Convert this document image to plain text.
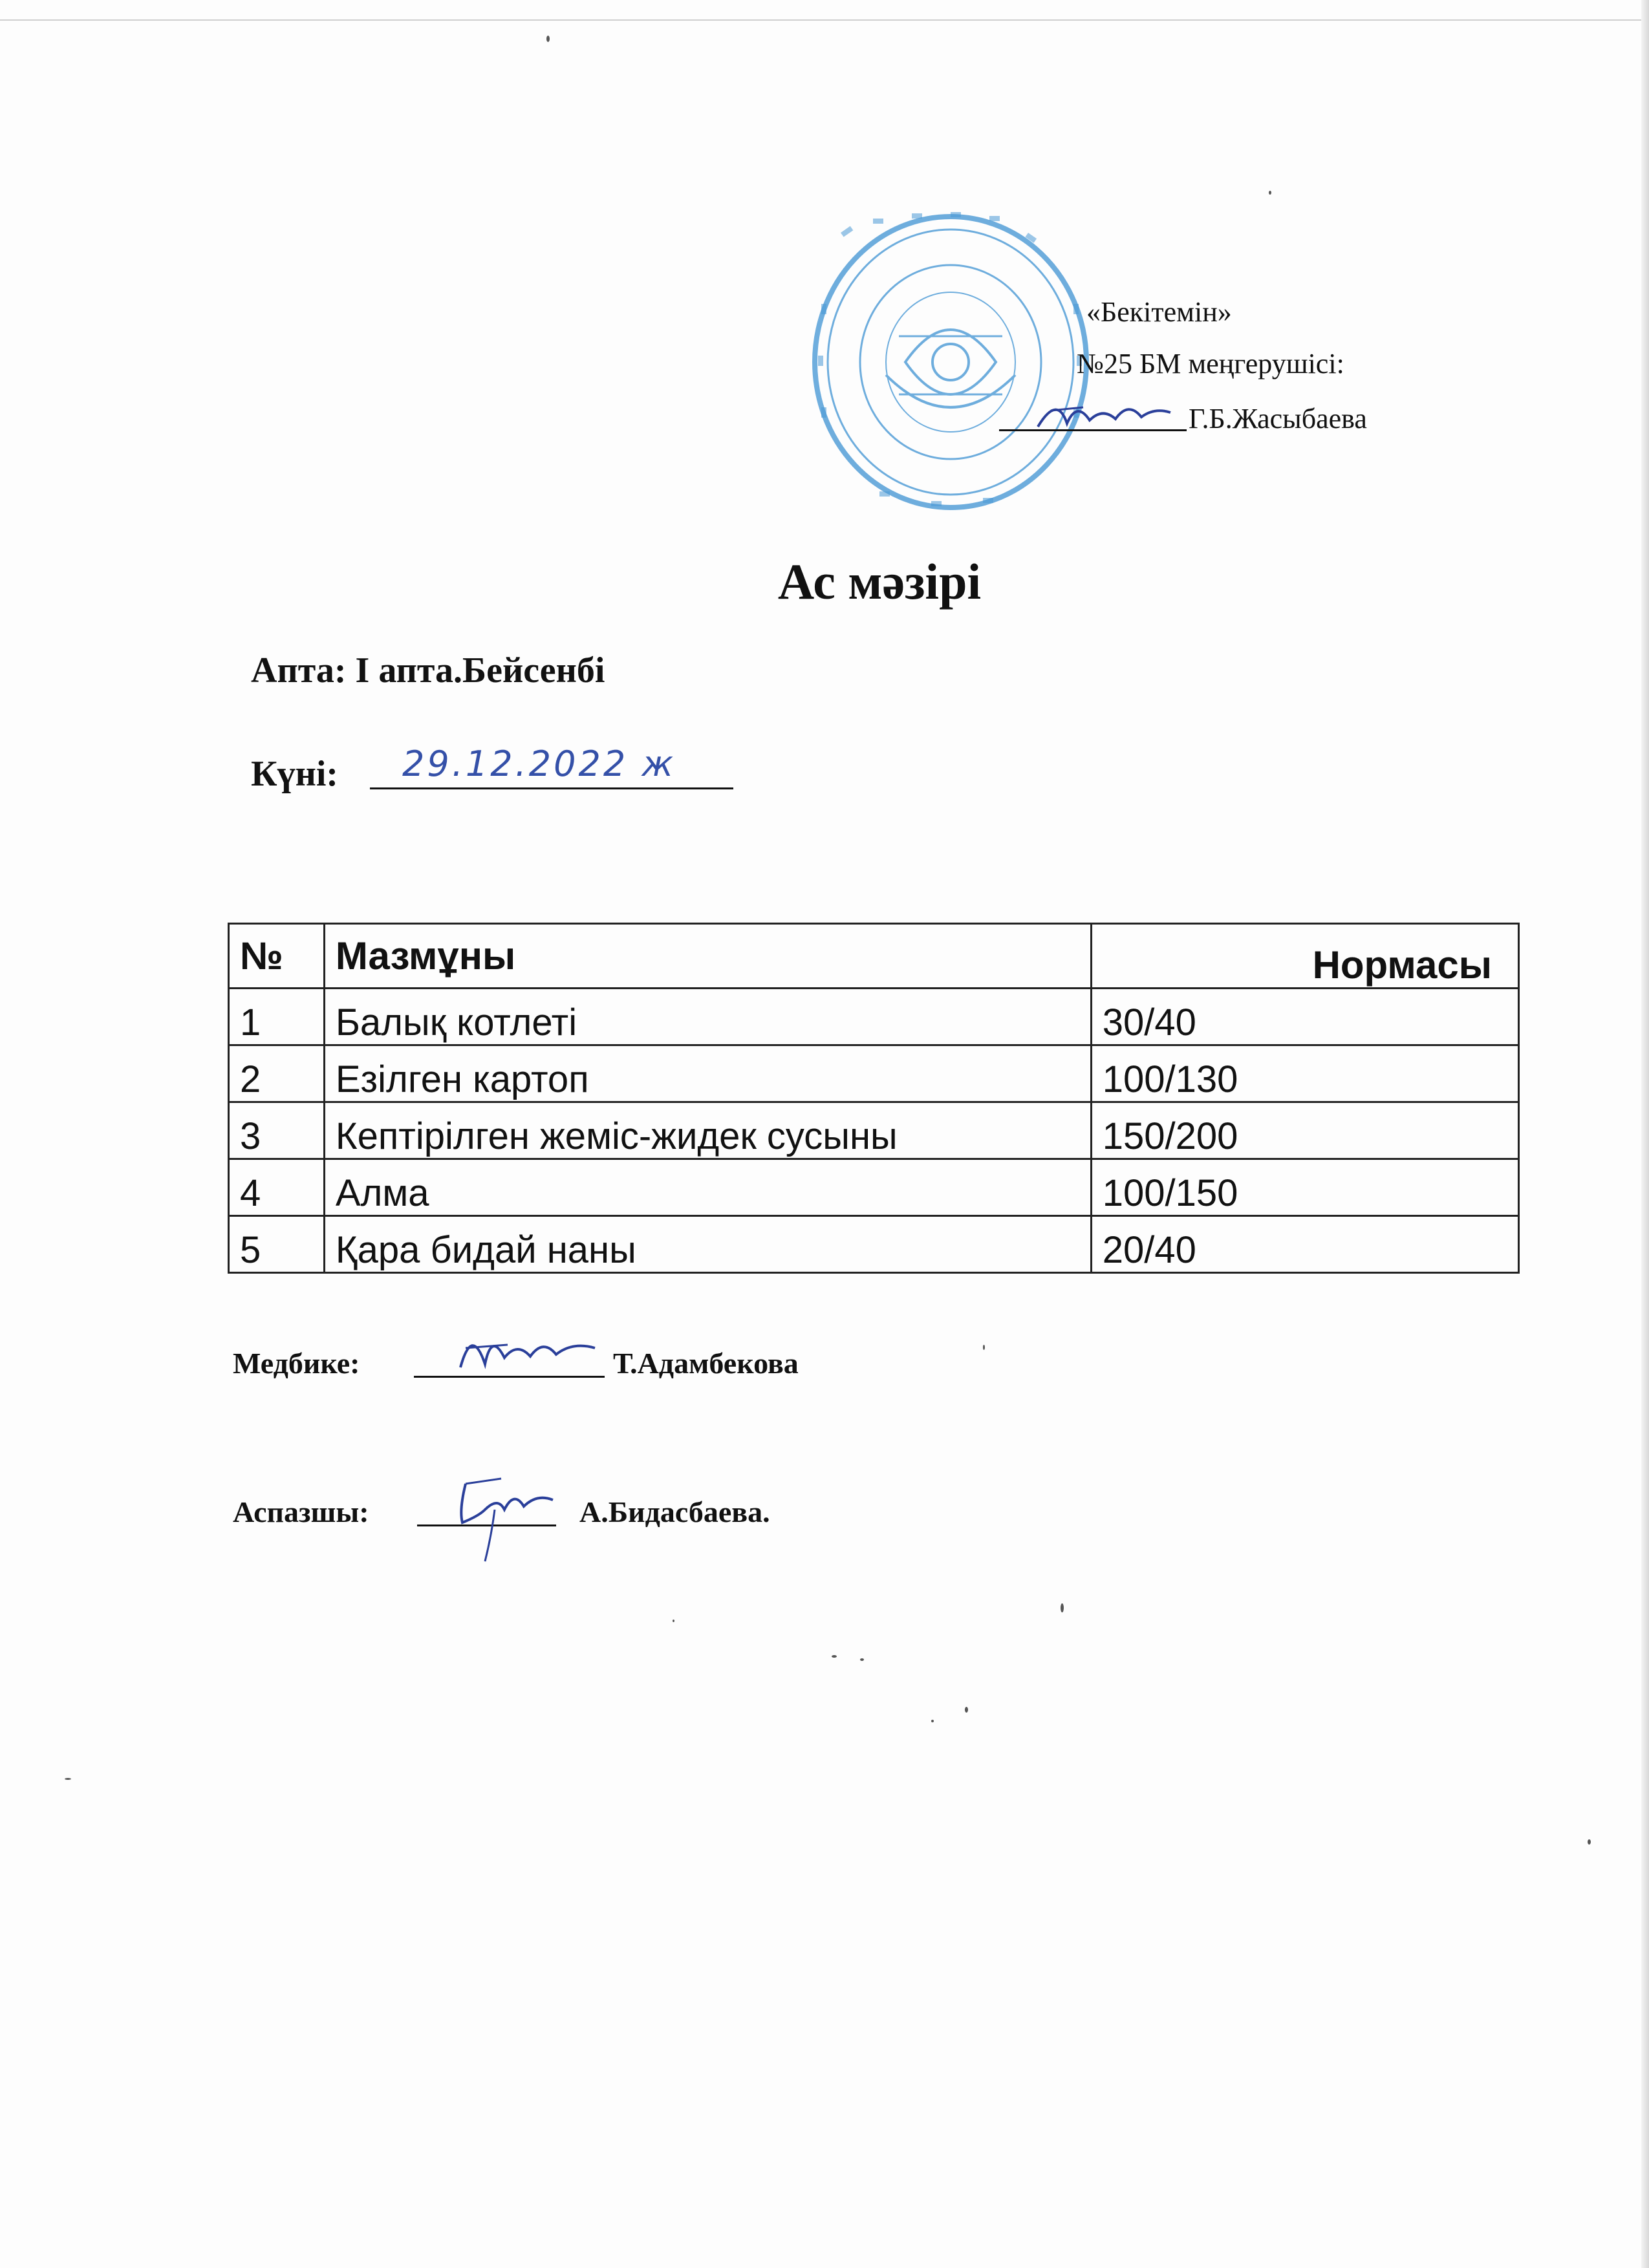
«Бекітемін»
№25 БМ меңгерушісі:
Г.Б.Жасыбаева
Ас мәзірі
Апта: І апта.Бейсенбі
Күні: 29.12.2022 ж
№	Мазмұны	Нормасы
1	Балық котлеті	30/40
2	Езілген картоп	100/130
3	Кептірілген жеміс-жидек сусыны	150/200
4	Алма	100/150
5	Қара бидай наны	20/40
Медбике:	Т.Адамбекова
Аспазшы:	А.Бидасбаева.
